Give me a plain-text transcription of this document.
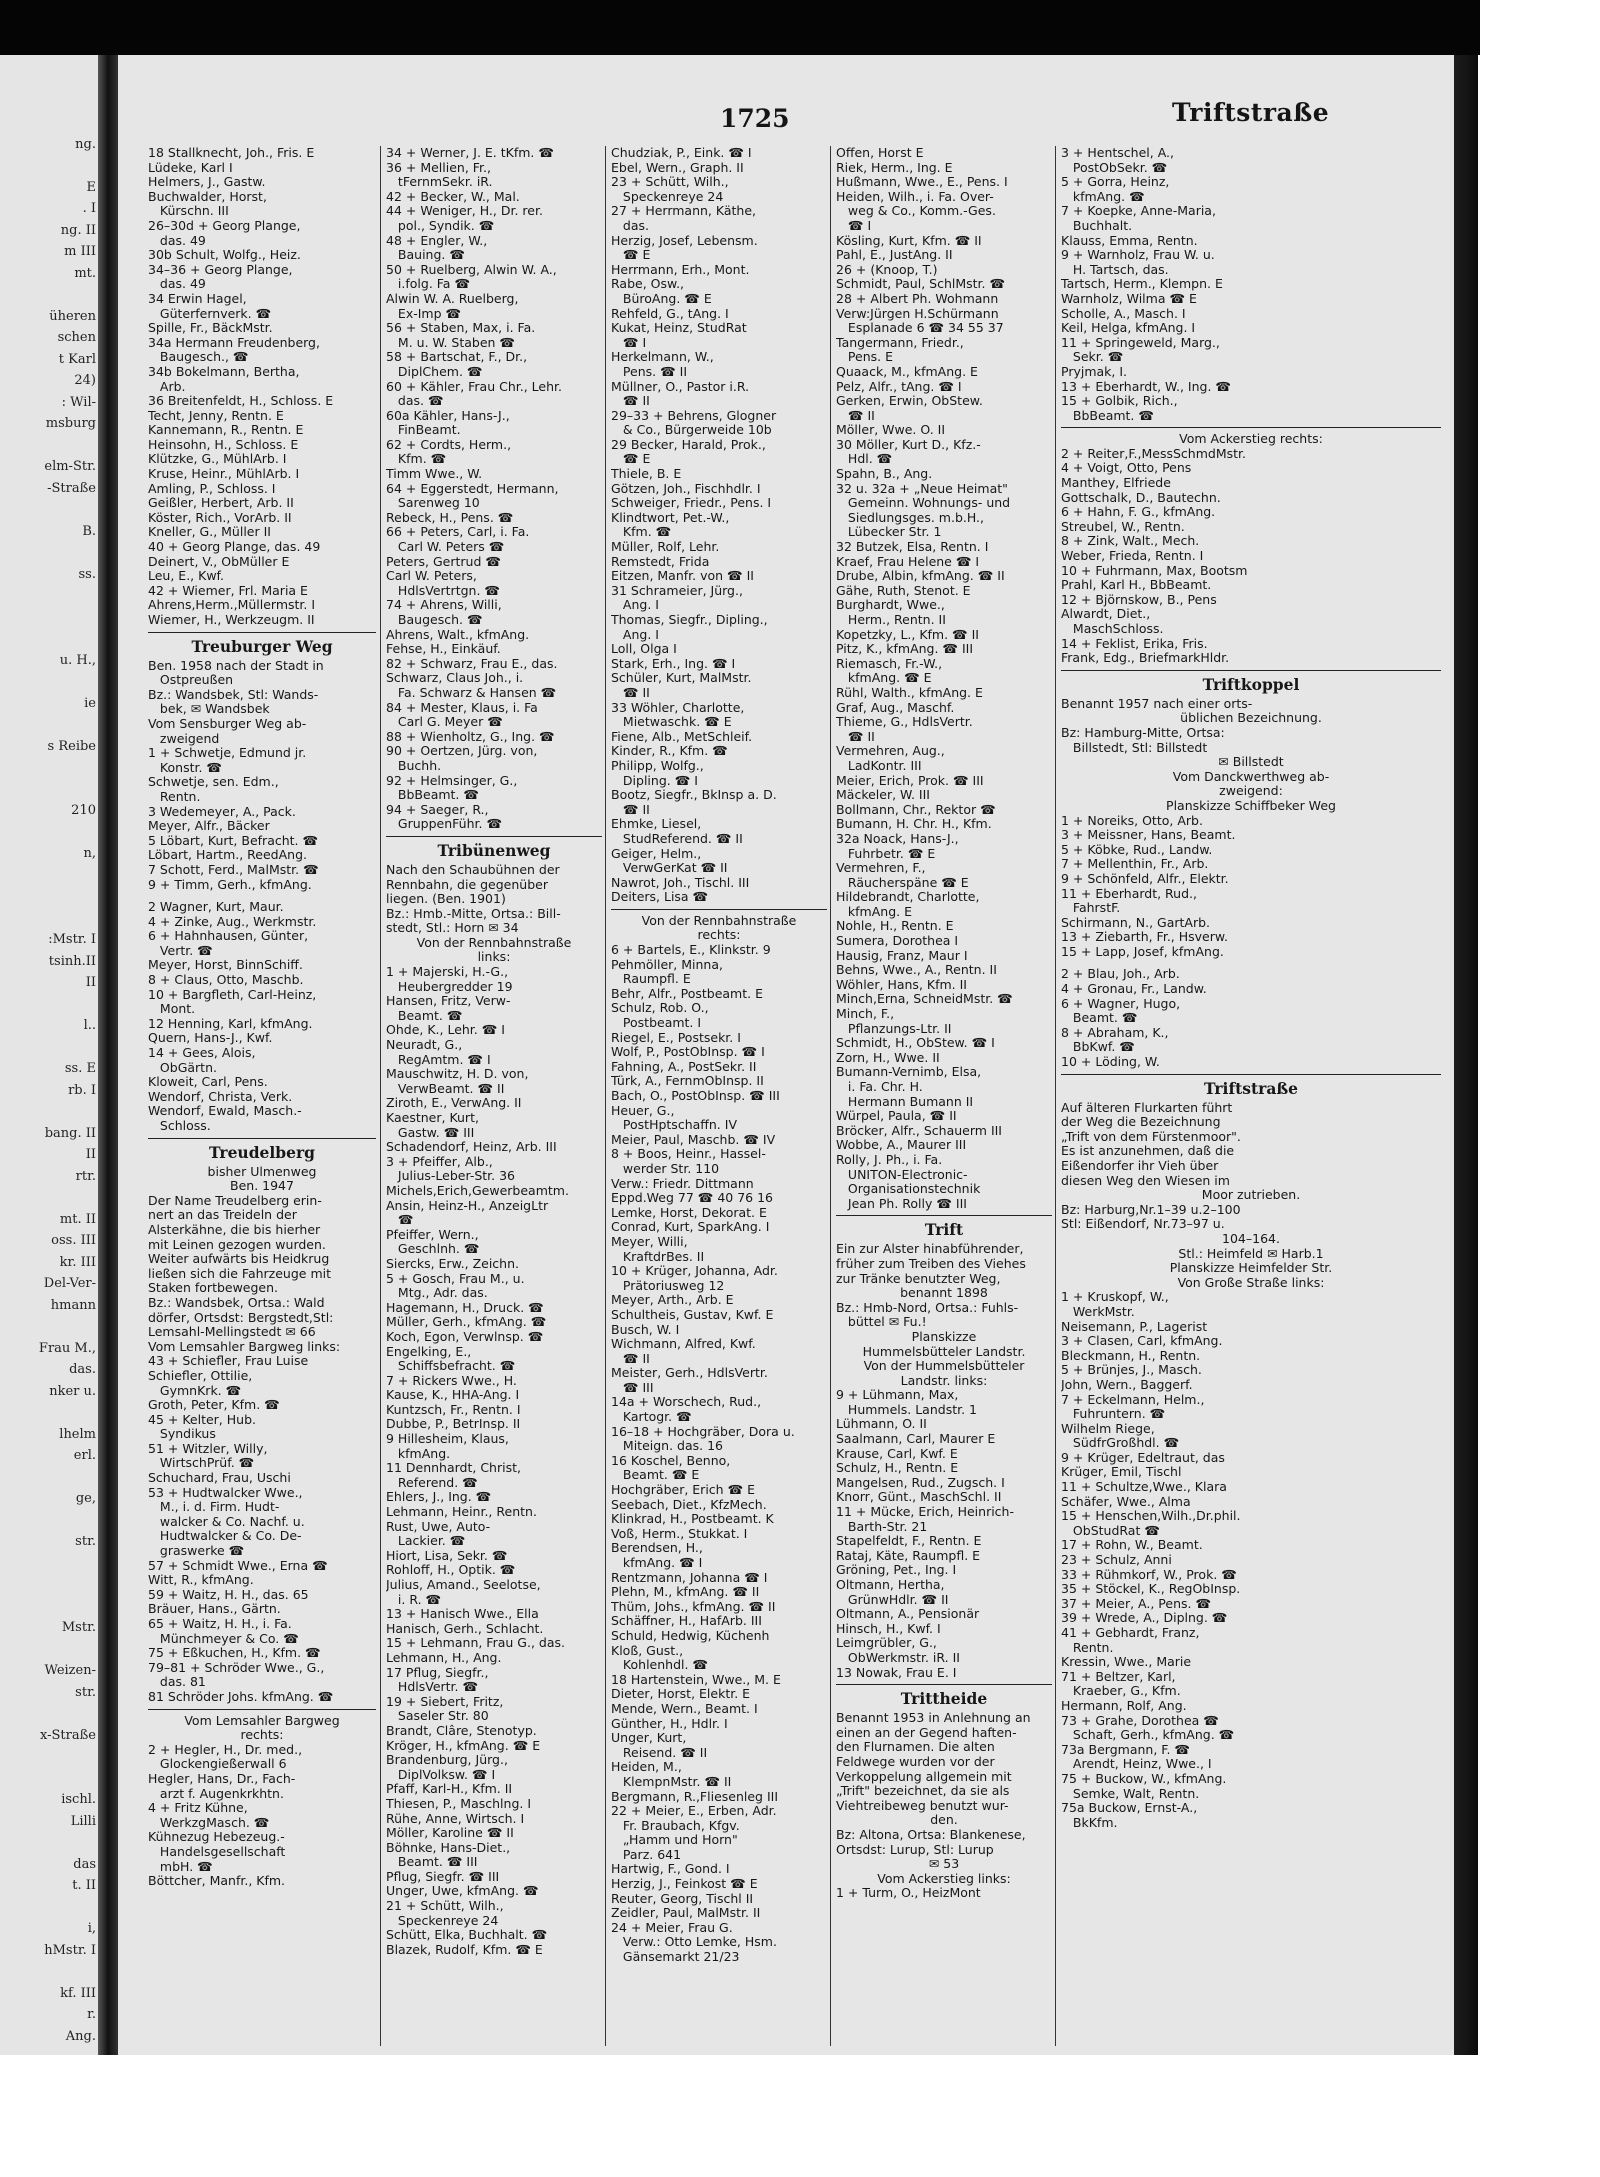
ng.
E
. I
ng. II
m III
mt.
üheren
schen
t Karl
24)
: Wil-
msburg
elm-Str.
-Straße
B.
ss.
u. H.,
ie
s Reibe
210
n,
:Mstr. I
tsinh.II
II
l..
ss. E
rb. I
bang. II
II
rtr.
mt. II
oss. III
kr. III
Del-Ver-
hmann
Frau M.,
das.
nker u.
lhelm
erl.
ge,
str.
Mstr.
Weizen-
str.
x-Straße
ischl.
Lilli
das
t. II
i,
hMstr. I
kf. III
r.
Ang.
1725	Triftstraße
18 Stallknecht, Joh., Fris. E
Lüdeke, Karl I
Helmers, J., Gastw.
Buchwalder, Horst,
Kürschn. III
26–30d + Georg Plange,
das. 49
30b Schult, Wolfg., Heiz.
34–36 + Georg Plange,
das. 49
34 Erwin Hagel,
Güterfernverk. ☎
Spille, Fr., BäckMstr.
34a Hermann Freudenberg,
Baugesch., ☎
34b Bokelmann, Bertha,
Arb.
36 Breitenfeldt, H., Schloss. E
Techt, Jenny, Rentn. E
Kannemann, R., Rentn. E
Heinsohn, H., Schloss. E
Klützke, G., MühlArb. I
Kruse, Heinr., MühlArb. I
Amling, P., Schloss. I
Geißler, Herbert, Arb. II
Köster, Rich., VorArb. II
Kneller, G., Müller II
40 + Georg Plange, das. 49
Deinert, V., ObMüller E
Leu, E., Kwf.
42 + Wiemer, Frl. Maria E
Ahrens,Herm.,Müllermstr. I
Wiemer, H., Werkzeugm. II
Treuburger Weg
Ben. 1958 nach der Stadt in
Ostpreußen
Bz.: Wandsbek, Stl: Wands-
bek, ✉ Wandsbek
Vom Sensburger Weg ab-
zweigend
1 + Schwetje, Edmund jr.
Konstr. ☎
Schwetje, sen. Edm.,
Rentn.
3 Wedemeyer, A., Pack.
Meyer, Alfr., Bäcker
5 Löbart, Kurt, Befracht. ☎
Löbart, Hartm., ReedAng.
7 Schott, Ferd., MalMstr. ☎
9 + Timm, Gerh., kfmAng.
2 Wagner, Kurt, Maur.
4 + Zinke, Aug., Werkmstr.
6 + Hahnhausen, Günter,
Vertr. ☎
Meyer, Horst, BinnSchiff.
8 + Claus, Otto, Maschb.
10 + Bargfleth, Carl-Heinz,
Mont.
12 Henning, Karl, kfmAng.
Quern, Hans-J., Kwf.
14 + Gees, Alois,
ObGärtn.
Kloweit, Carl, Pens.
Wendorf, Christa, Verk.
Wendorf, Ewald, Masch.-
Schloss.
Treudelberg
bisher Ulmenweg
Ben. 1947
Der Name Treudelberg erin-
nert an das Treideln der
Alsterkähne, die bis hierher
mit Leinen gezogen wurden.
Weiter aufwärts bis Heidkrug
ließen sich die Fahrzeuge mit
Staken fortbewegen.
Bz.: Wandsbek, Ortsa.: Wald
dörfer, Ortsdst: Bergstedt,Stl:
Lemsahl-Mellingstedt ✉ 66
Vom Lemsahler Bargweg links:
43 + Schiefler, Frau Luise
Schiefler, Ottilie,
GymnKrk. ☎
Groth, Peter, Kfm. ☎
45 + Kelter, Hub.
Syndikus
51 + Witzler, Willy,
WirtschPrüf. ☎
Schuchard, Frau, Uschi
53 + Hudtwalcker Wwe.,
M., i. d. Firm. Hudt-
walcker & Co. Nachf. u.
Hudtwalcker & Co. De-
graswerke ☎
57 + Schmidt Wwe., Erna ☎
Witt, R., kfmAng.
59 + Waitz, H. H., das. 65
Bräuer, Hans., Gärtn.
65 + Waitz, H. H., i. Fa.
Münchmeyer & Co. ☎
75 + Eßkuchen, H., Kfm. ☎
79–81 + Schröder Wwe., G.,
das. 81
81 Schröder Johs. kfmAng. ☎
Vom Lemsahler Bargweg
rechts:
2 + Hegler, H., Dr. med.,
Glockengießerwall 6
Hegler, Hans, Dr., Fach-
arzt f. Augenkrkhtn.
4 + Fritz Kühne,
WerkzgMasch. ☎
Kühnezug Hebezeug.-
Handelsgesellschaft
mbH. ☎
Böttcher, Manfr., Kfm.
34 + Werner, J. E. tKfm. ☎
36 + Mellien, Fr.,
tFernmSekr. iR.
42 + Becker, W., Mal.
44 + Weniger, H., Dr. rer.
pol., Syndik. ☎
48 + Engler, W.,
Bauing. ☎
50 + Ruelberg, Alwin W. A.,
i.folg. Fa ☎
Alwin W. A. Ruelberg,
Ex-Imp ☎
56 + Staben, Max, i. Fa.
M. u. W. Staben ☎
58 + Bartschat, F., Dr.,
DiplChem. ☎
60 + Kähler, Frau Chr., Lehr.
das. ☎
60a Kähler, Hans-J.,
FinBeamt.
62 + Cordts, Herm.,
Kfm. ☎
Timm Wwe., W.
64 + Eggerstedt, Hermann,
Sarenweg 10
Rebeck, H., Pens. ☎
66 + Peters, Carl, i. Fa.
Carl W. Peters ☎
Peters, Gertrud ☎
Carl W. Peters,
HdlsVertrtgn. ☎
74 + Ahrens, Willi,
Baugesch. ☎
Ahrens, Walt., kfmAng.
Fehse, H., Einkäuf.
82 + Schwarz, Frau E., das.
Schwarz, Claus Joh., i.
Fa. Schwarz & Hansen ☎
84 + Mester, Klaus, i. Fa
Carl G. Meyer ☎
88 + Wienholtz, G., Ing. ☎
90 + Oertzen, Jürg. von,
Buchh.
92 + Helmsinger, G.,
BbBeamt. ☎
94 + Saeger, R.,
GruppenFühr. ☎
Tribünenweg
Nach den Schaubühnen der
Rennbahn, die gegenüber
liegen. (Ben. 1901)
Bz.: Hmb.-Mitte, Ortsa.: Bill-
stedt, Stl.: Horn ✉ 34
Von der Rennbahnstraße
links:
1 + Majerski, H.-G.,
Heubergredder 19
Hansen, Fritz, Verw-
Beamt. ☎
Ohde, K., Lehr. ☎ I
Neuradt, G.,
RegAmtm. ☎ I
Mauschwitz, H. D. von,
VerwBeamt. ☎ II
Ziroth, E., VerwAng. II
Kaestner, Kurt,
Gastw. ☎ III
Schadendorf, Heinz, Arb. III
3 + Pfeiffer, Alb.,
Julius-Leber-Str. 36
Michels,Erich,Gewerbeamtm.
Ansin, Heinz-H., AnzeigLtr
☎
Pfeiffer, Wern.,
Geschlnh. ☎
Siercks, Erw., Zeichn.
5 + Gosch, Frau M., u.
Mtg., Adr. das.
Hagemann, H., Druck. ☎
Müller, Gerh., kfmAng. ☎
Koch, Egon, Verwlnsp. ☎
Engelking, E.,
Schiffsbefracht. ☎
7 + Rickers Wwe., H.
Kause, K., HHA-Ang. I
Kuntzsch, Fr., Rentn. I
Dubbe, P., BetrInsp. II
9 Hillesheim, Klaus,
kfmAng.
11 Dennhardt, Christ,
Referend. ☎
Ehlers, J., Ing. ☎
Lehmann, Heinr., Rentn.
Rust, Uwe, Auto-
Lackier. ☎
Hiort, Lisa, Sekr. ☎
Rohloff, H., Optik. ☎
Julius, Amand., Seelotse,
i. R. ☎
13 + Hanisch Wwe., Ella
Hanisch, Gerh., Schlacht.
15 + Lehmann, Frau G., das.
Lehmann, H., Ang.
17 Pflug, Siegfr.,
HdlsVertr. ☎
19 + Siebert, Fritz,
Saseler Str. 80
Brandt, Clâre, Stenotyp.
Kröger, H., kfmAng. ☎ E
Brandenburg, Jürg.,
DiplVolksw. ☎ I
Pfaff, Karl-H., Kfm. II
Thiesen, P., Maschlng. I
Rühe, Anne, Wirtsch. I
Möller, Karoline ☎ II
Böhnke, Hans-Diet.,
Beamt. ☎ III
Pflug, Siegfr. ☎ III
Unger, Uwe, kfmAng. ☎
21 + Schütt, Wilh.,
Speckenreye 24
Schütt, Elka, Buchhalt. ☎
Blazek, Rudolf, Kfm. ☎ E
Chudziak, P., Eink. ☎ I
Ebel, Wern., Graph. II
23 + Schütt, Wilh.,
Speckenreye 24
27 + Herrmann, Käthe,
das.
Herzig, Josef, Lebensm.
☎ E
Herrmann, Erh., Mont.
Rabe, Osw.,
BüroAng. ☎ E
Rehfeld, G., tAng. I
Kukat, Heinz, StudRat
☎ I
Herkelmann, W.,
Pens. ☎ II
Müllner, O., Pastor i.R.
☎ II
29–33 + Behrens, Glogner
& Co., Bürgerweide 10b
29 Becker, Harald, Prok.,
☎ E
Thiele, B. E
Götzen, Joh., Fischhdlr. I
Schweiger, Friedr., Pens. I
Klindtwort, Pet.-W.,
Kfm. ☎
Müller, Rolf, Lehr.
Remstedt, Frida
Eitzen, Manfr. von ☎ II
31 Schrameier, Jürg.,
Ang. I
Thomas, Siegfr., Dipling.,
Ang. I
Loll, Olga I
Stark, Erh., Ing. ☎ I
Schüler, Kurt, MalMstr.
☎ II
33 Wöhler, Charlotte,
Mietwaschk. ☎ E
Fiene, Alb., MetSchleif.
Kinder, R., Kfm. ☎
Philipp, Wolfg.,
Dipling. ☎ I
Bootz, Siegfr., BkInsp a. D.
☎ II
Ehmke, Liesel,
StudReferend. ☎ II
Geiger, Helm.,
VerwGerKat ☎ II
Nawrot, Joh., Tischl. III
Deiters, Lisa ☎
Von der Rennbahnstraße
rechts:
6 + Bartels, E., Klinkstr. 9
Pehmöller, Minna,
Raumpfl. E
Behr, Alfr., Postbeamt. E
Schulz, Rob. O.,
Postbeamt. I
Riegel, E., Postsekr. I
Wolf, P., PostObInsp. ☎ I
Fahning, A., PostSekr. II
Türk, A., FernmObInsp. II
Bach, O., PostObInsp. ☎ III
Heuer, G.,
PostHptschaffn. IV
Meier, Paul, Maschb. ☎ IV
8 + Boos, Heinr., Hassel-
werder Str. 110
Verw.: Friedr. Dittmann
Eppd.Weg 77 ☎ 40 76 16
Lemke, Horst, Dekorat. E
Conrad, Kurt, SparkAng. I
Meyer, Willi,
KraftdrBes. II
10 + Krüger, Johanna, Adr.
Prätoriusweg 12
Meyer, Arth., Arb. E
Schultheis, Gustav, Kwf. E
Busch, W. I
Wichmann, Alfred, Kwf.
☎ II
Meister, Gerh., HdlsVertr.
☎ III
14a + Worschech, Rud.,
Kartogr. ☎
16–18 + Hochgräber, Dora u.
Miteign. das. 16
16 Koschel, Benno,
Beamt. ☎ E
Hochgräber, Erich ☎ E
Seebach, Diet., KfzMech.
Klinkrad, H., Postbeamt. K
Voß, Herm., Stukkat. I
Berendsen, H.,
kfmAng. ☎ I
Rentzmann, Johanna ☎ I
Plehn, M., kfmAng. ☎ II
Thüm, Johs., kfmAng. ☎ II
Schäffner, H., HafArb. III
Schuld, Hedwig, Küchenh
Kloß, Gust.,
Kohlenhdl. ☎
18 Hartenstein, Wwe., M. E
Dieter, Horst, Elektr. E
Mende, Wern., Beamt. I
Günther, H., Hdlr. I
Unger, Kurt,
Reisend. ☎ II
Heiden, M.,
KlempnMstr. ☎ II
Bergmann, R.,Fliesenleg III
22 + Meier, E., Erben, Adr.
Fr. Braubach, Kfgv.
„Hamm und Horn"
Parz. 641
Hartwig, F., Gond. I
Herzig, J., Feinkost ☎ E
Reuter, Georg, Tischl II
Zeidler, Paul, MalMstr. II
24 + Meier, Frau G.
Verw.: Otto Lemke, Hsm.
Gänsemarkt 21/23
Offen, Horst E
Riek, Herm., Ing. E
Hußmann, Wwe., E., Pens. I
Heiden, Wilh., i. Fa. Over-
weg & Co., Komm.-Ges.
☎ I
Kösling, Kurt, Kfm. ☎ II
Pahl, E., JustAng. II
26 + (Knoop, T.)
Schmidt, Paul, SchlMstr. ☎
28 + Albert Ph. Wohmann
Verw:Jürgen H.Schürmann
Esplanade 6 ☎ 34 55 37
Tangermann, Friedr.,
Pens. E
Quaack, M., kfmAng. E
Pelz, Alfr., tAng. ☎ I
Gerken, Erwin, ObStew.
☎ II
Möller, Wwe. O. II
30 Möller, Kurt D., Kfz.-
Hdl. ☎
Spahn, B., Ang.
32 u. 32a + „Neue Heimat"
Gemeinn. Wohnungs- und
Siedlungsges. m.b.H.,
Lübecker Str. 1
32 Butzek, Elsa, Rentn. I
Kraef, Frau Helene ☎ I
Drube, Albin, kfmAng. ☎ II
Gähe, Ruth, Stenot. E
Burghardt, Wwe.,
Herm., Rentn. II
Kopetzky, L., Kfm. ☎ II
Pitz, K., kfmAng. ☎ III
Riemasch, Fr.-W.,
kfmAng. ☎ E
Rühl, Walth., kfmAng. E
Graf, Aug., Maschf.
Thieme, G., HdlsVertr.
☎ II
Vermehren, Aug.,
LadKontr. III
Meier, Erich, Prok. ☎ III
Mäckeler, W. III
Bollmann, Chr., Rektor ☎
Bumann, H. Chr. H., Kfm.
32a Noack, Hans-J.,
Fuhrbetr. ☎ E
Vermehren, F.,
Räucherspäne ☎ E
Hildebrandt, Charlotte,
kfmAng. E
Nohle, H., Rentn. E
Sumera, Dorothea I
Hausig, Franz, Maur I
Behns, Wwe., A., Rentn. II
Wöhler, Hans, Kfm. II
Minch,Erna, SchneidMstr. ☎
Minch, F.,
Pflanzungs-Ltr. II
Schmidt, H., ObStew. ☎ I
Zorn, H., Wwe. II
Bumann-Vernimb, Elsa,
i. Fa. Chr. H.
Hermann Bumann II
Würpel, Paula, ☎ II
Bröcker, Alfr., Schauerm III
Wobbe, A., Maurer III
Rolly, J. Ph., i. Fa.
UNITON-Electronic-
Organisationstechnik
Jean Ph. Rolly ☎ III
Trift
Ein zur Alster hinabführender,
früher zum Treiben des Viehes
zur Tränke benutzter Weg,
benannt 1898
Bz.: Hmb-Nord, Ortsa.: Fuhls-
büttel ✉ Fu.!
Planskizze
Hummelsbütteler Landstr.
Von der Hummelsbütteler
Landstr. links:
9 + Lühmann, Max,
Hummels. Landstr. 1
Lühmann, O. II
Saalmann, Carl, Maurer E
Krause, Carl, Kwf. E
Schulz, H., Rentn. E
Mangelsen, Rud., Zugsch. I
Knorr, Günt., MaschSchl. II
11 + Mücke, Erich, Heinrich-
Barth-Str. 21
Stapelfeldt, F., Rentn. E
Rataj, Käte, Raumpfl. E
Gröning, Pet., Ing. I
Oltmann, Hertha,
GrünwHdlr. ☎ II
Oltmann, A., Pensionär
Hinsch, H., Kwf. I
Leimgrübler, G.,
ObWerkmstr. iR. II
13 Nowak, Frau E. I
Trittheide
Benannt 1953 in Anlehnung an
einen an der Gegend haften-
den Flurnamen. Die alten
Feldwege wurden vor der
Verkoppelung allgemein mit
„Trift" bezeichnet, da sie als
Viehtreibeweg benutzt wur-
den.
Bz: Altona, Ortsa: Blankenese,
Ortsdst: Lurup, Stl: Lurup
✉ 53
Vom Ackerstieg links:
1 + Turm, O., HeizMont
3 + Hentschel, A.,
PostObSekr. ☎
5 + Gorra, Heinz,
kfmAng. ☎
7 + Koepke, Anne-Maria,
Buchhalt.
Klauss, Emma, Rentn.
9 + Warnholz, Frau W. u.
H. Tartsch, das.
Tartsch, Herm., Klempn. E
Warnholz, Wilma ☎ E
Scholle, A., Masch. I
Keil, Helga, kfmAng. I
11 + Springeweld, Marg.,
Sekr. ☎
Pryjmak, I.
13 + Eberhardt, W., Ing. ☎
15 + Golbik, Rich.,
BbBeamt. ☎
Vom Ackerstieg rechts:
2 + Reiter,F.,MessSchmdMstr.
4 + Voigt, Otto, Pens
Manthey, Elfriede
Gottschalk, D., Bautechn.
6 + Hahn, F. G., kfmAng.
Streubel, W., Rentn.
8 + Zink, Walt., Mech.
Weber, Frieda, Rentn. I
10 + Fuhrmann, Max, Bootsm
Prahl, Karl H., BbBeamt.
12 + Björnskow, B., Pens
Alwardt, Diet.,
MaschSchloss.
14 + Feklist, Erika, Fris.
Frank, Edg., BriefmarkHldr.
Triftkoppel
Benannt 1957 nach einer orts-
üblichen Bezeichnung.
Bz: Hamburg-Mitte, Ortsa:
Billstedt, Stl: Billstedt
✉ Billstedt
Vom Danckwerthweg ab-
zweigend:
Planskizze Schiffbeker Weg
1 + Noreiks, Otto, Arb.
3 + Meissner, Hans, Beamt.
5 + Köbke, Rud., Landw.
7 + Mellenthin, Fr., Arb.
9 + Schönfeld, Alfr., Elektr.
11 + Eberhardt, Rud.,
FahrstF.
Schirmann, N., GartArb.
13 + Ziebarth, Fr., Hsverw.
15 + Lapp, Josef, kfmAng.
2 + Blau, Joh., Arb.
4 + Gronau, Fr., Landw.
6 + Wagner, Hugo,
Beamt. ☎
8 + Abraham, K.,
BbKwf. ☎
10 + Löding, W.
Triftstraße
Auf älteren Flurkarten führt
der Weg die Bezeichnung
„Trift von dem Fürstenmoor".
Es ist anzunehmen, daß die
Eißendorfer ihr Vieh über
diesen Weg den Wiesen im
Moor zutrieben.
Bz: Harburg,Nr.1–39 u.2–100
Stl: Eißendorf, Nr.73–97 u.
104–164.
Stl.: Heimfeld ✉ Harb.1
Planskizze Heimfelder Str.
Von Große Straße links:
1 + Kruskopf, W.,
WerkMstr.
Neisemann, P., Lagerist
3 + Clasen, Carl, kfmAng.
Bleckmann, H., Rentn.
5 + Brünjes, J., Masch.
John, Wern., Baggerf.
7 + Eckelmann, Helm.,
Fuhruntern. ☎
Wilhelm Riege,
SüdfrGroßhdl. ☎
9 + Krüger, Edeltraut, das
Krüger, Emil, Tischl
11 + Schultze,Wwe., Klara
Schäfer, Wwe., Alma
15 + Henschen,Wilh.,Dr.phil.
ObStudRat ☎
17 + Rohn, W., Beamt.
23 + Schulz, Anni
33 + Rühmkorf, W., Prok. ☎
35 + Stöckel, K., RegObInsp.
37 + Meier, A., Pens. ☎
39 + Wrede, A., Diplng. ☎
41 + Gebhardt, Franz,
Rentn.
Kressin, Wwe., Marie
71 + Beltzer, Karl,
Kraeber, G., Kfm.
Hermann, Rolf, Ang.
73 + Grahe, Dorothea ☎
Schaft, Gerh., kfmAng. ☎
73a Bergmann, F. ☎
Arendt, Heinz, Wwe., I
75 + Buckow, W., kfmAng.
Semke, Walt, Rentn.
75a Buckow, Ernst-A.,
BkKfm.
